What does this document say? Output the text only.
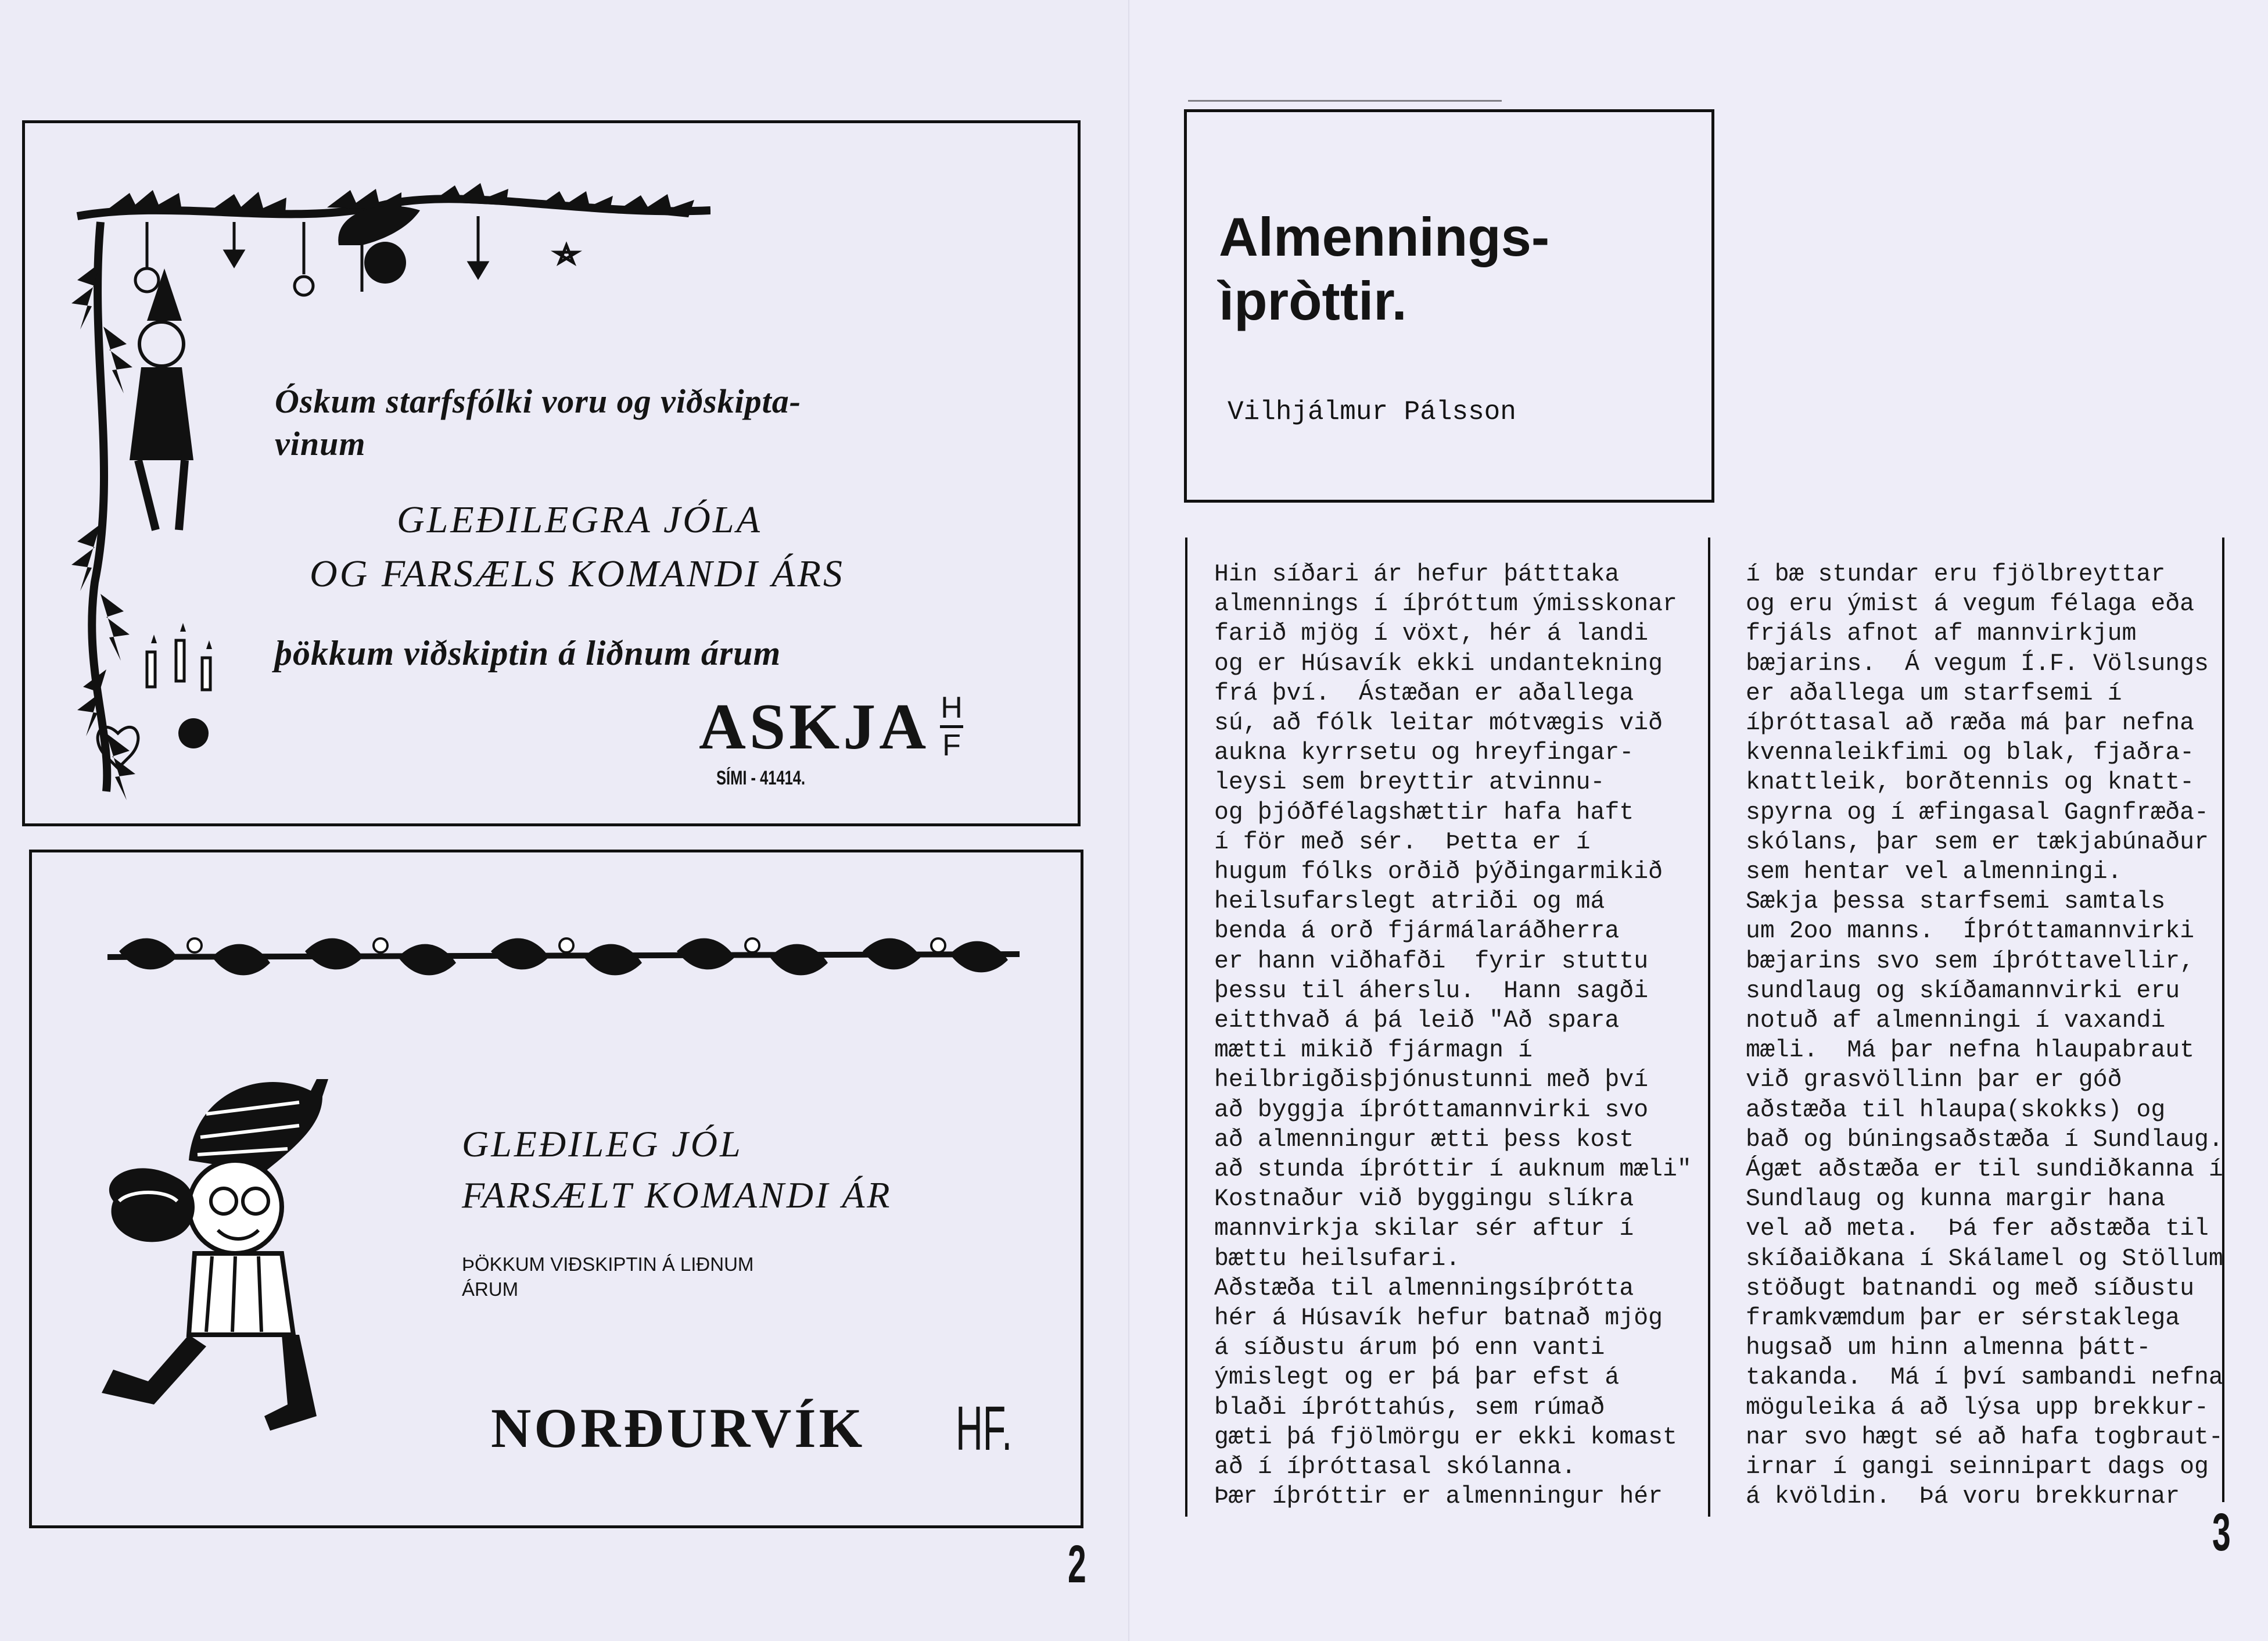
Óskum starfsfólki voru og viðskipta-
vinum
GLEÐILEGRA JÓLA
OG FARSÆLS KOMANDI ÁRS
þökkum viðskiptin á liðnum árum
ASKJA H
F
SÍMI - 41414.
GLEÐILEG JÓL
FARSÆLT KOMANDI ÁR
ÞÖKKUM VIÐSKIPTIN Á LIÐNUM
ÁRUM
NORÐURVÍK HF.
2
Almennings-
ìpròttir.
Vilhjálmur Pálsson
Hin síðari ár hefur þátttaka
almennings í íþróttum ýmisskonar
farið mjög í vöxt, hér á landi
og er Húsavík ekki undantekning
frá því.  Ástæðan er aðallega
sú, að fólk leitar mótvægis við
aukna kyrrsetu og hreyfingar-
leysi sem breyttir atvinnu-
og þjóðfélagshættir hafa haft
í för með sér.  Þetta er í
hugum fólks orðið þýðingarmikið
heilsufarslegt atriði og má
benda á orð fjármálaráðherra
er hann viðhafði  fyrir stuttu
þessu til áherslu.  Hann sagði
eitthvað á þá leið "Að spara
mætti mikið fjármagn í
heilbrigðisþjónustunni með því
að byggja íþróttamannvirki svo
að almenningur ætti þess kost
að stunda íþróttir í auknum mæli"
Kostnaður við byggingu slíkra
mannvirkja skilar sér aftur í
bættu heilsufari.
Aðstæða til almenningsíþrótta
hér á Húsavík hefur batnað mjög
á síðustu árum þó enn vanti
ýmislegt og er þá þar efst á
blaði íþróttahús, sem rúmað
gæti þá fjölmörgu er ekki komast
að í íþróttasal skólanna.
Þær íþróttir er almenningur hér
í bæ stundar eru fjölbreyttar
og eru ýmist á vegum félaga eða
frjáls afnot af mannvirkjum
bæjarins.  Á vegum Í.F. Völsungs
er aðallega um starfsemi í
íþróttasal að ræða má þar nefna
kvennaleikfimi og blak, fjaðra-
knattleik, borðtennis og knatt-
spyrna og í æfingasal Gagnfræða-
skólans, þar sem er tækjabúnaður
sem hentar vel almenningi.
Sækja þessa starfsemi samtals
um 2oo manns.  Íþróttamannvirki
bæjarins svo sem íþróttavellir,
sundlaug og skíðamannvirki eru
notuð af almenningi í vaxandi
mæli.  Má þar nefna hlaupabraut
við grasvöllinn þar er góð
aðstæða til hlaupa(skokks) og
bað og búningsaðstæða í Sundlaug.
Ágæt aðstæða er til sundiðkanna í
Sundlaug og kunna margir hana
vel að meta.  Þá fer aðstæða til
skíðaiðkana í Skálamel og Stöllum
stöðugt batnandi og með síðustu
framkvæmdum þar er sérstaklega
hugsað um hinn almenna þátt-
takanda.  Má í því sambandi nefna
möguleika á að lýsa upp brekkur-
nar svo hægt sé að hafa togbraut-
irnar í gangi seinnipart dags og
á kvöldin.  Þá voru brekkurnar
3
